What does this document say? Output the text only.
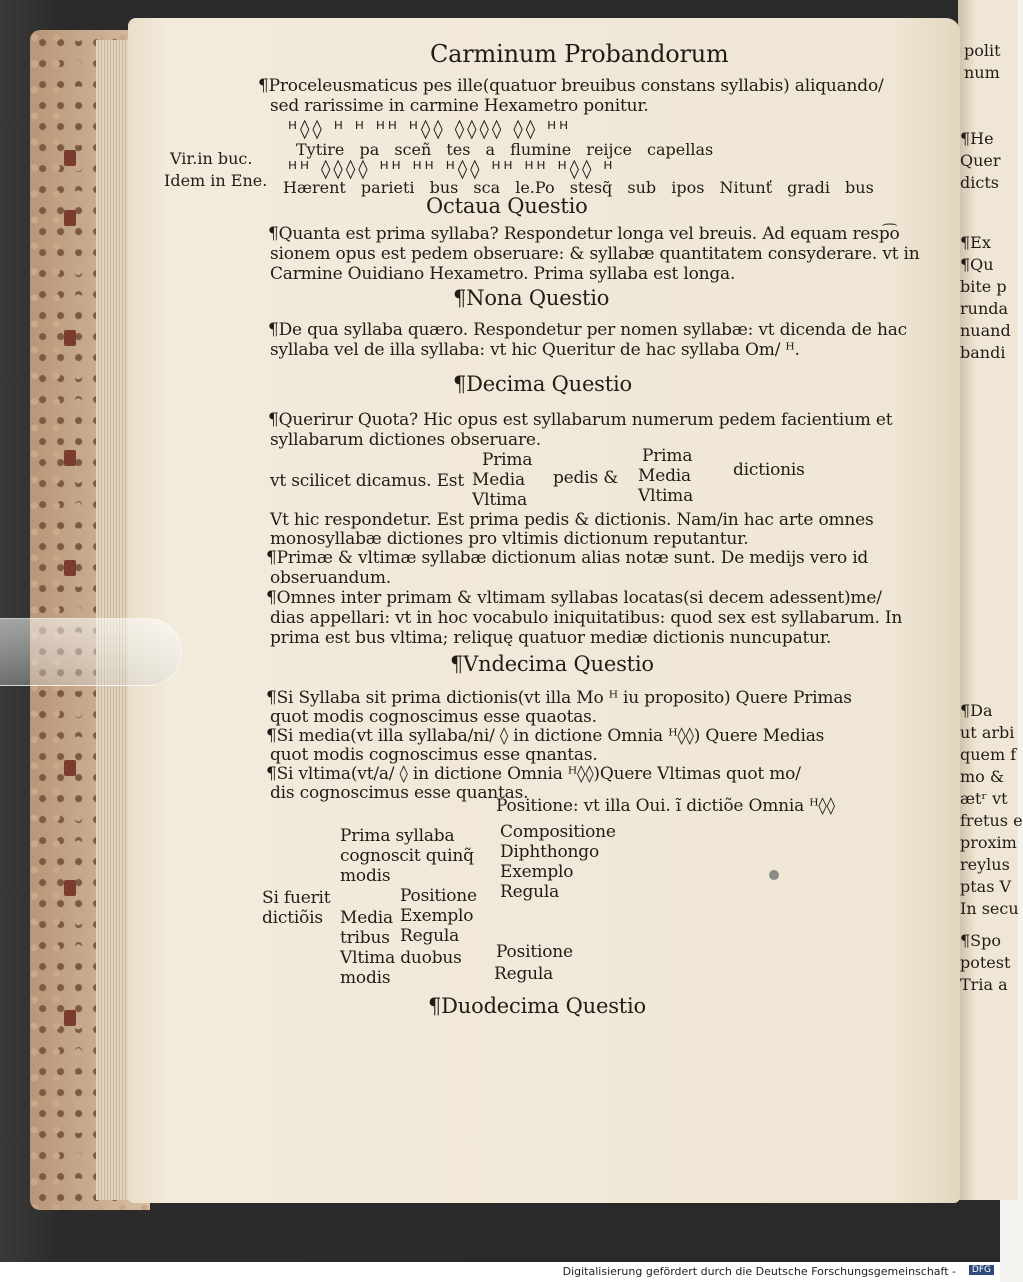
polit
num
¶He
Quer
dicts
¶Ex
¶Qu
bite p
runda
nuand
bandi
¶Da
ut arbi
quem f
mo &
ætʳ vt
fretus e
proxim
reylus
ptas V
In secu
¶Spo
potest
Tria a
Carminum Probandorum
¶Proceleusmaticus pes ille(quatuor breuibus constans syllabis) aliquando/
sed rarissime in carmine Hexametro ponitur.
ᴴ◊◊ ᴴ ᴴ ᴴᴴ ᴴ◊◊ ◊◊◊◊ ◊◊ ᴴᴴ
Tytire pa sceñ tes a flumine reijce capellas
ᴴᴴ ◊◊◊◊ ᴴᴴ ᴴᴴ ᴴ◊◊ ᴴᴴ ᴴᴴ ᴴ◊◊ ᴴ
Hærent parieti bus sca le.Po stesq̃ sub ipos Nitunť gradi bus
Octaua Questio
¶Quanta est prima syllaba? Respondetur longa vel breuis. Ad equam resp͡o
sionem opus est pedem obseruare: & syllabæ quantitatem consyderare. vt in
Carmine Ouidiano Hexametro. Prima syllaba est longa.
¶Nona Questio
¶De qua syllaba quæro. Respondetur per nomen syllabæ: vt dicenda de hac
syllaba vel de illa syllaba: vt hic Queritur de hac syllaba Om/ ᴴ.
¶Decima Questio
¶Querirur Quota? Hic opus est syllabarum numerum pedem facientium et
syllabarum dictiones obseruare.
vt scilicet dicamus. Est
Prima
Media
Vltima
pedis &
Prima
Media
Vltima
dictionis
Vt hic respondetur. Est prima pedis & dictionis. Nam/in hac arte omnes
monosyllabæ dictiones pro vltimis dictionum reputantur.
¶Primæ & vltimæ syllabæ dictionum alias notæ sunt. De medijs vero id
obseruandum.
¶Omnes inter primam & vltimam syllabas locatas(si decem adessent)me/
dias appellari: vt in hoc vocabulo iniquitatibus: quod sex est syllabarum. In
prima est bus vltima; reliquę quatuor mediæ dictionis nuncupatur.
¶Vndecima Questio
¶Si Syllaba sit prima dictionis(vt illa Mo ᴴ iu proposito) Quere Primas
quot modis cognoscimus esse quaotas.
¶Si media(vt illa syllaba/ni/ ◊ in dictione Omnia ᴴ◊◊) Quere Medias
quot modis cognoscimus esse qnantas.
¶Si vltima(vt/a/ ◊ in dictione Omnia ᴴ◊◊)Quere Vltimas quot mo/
dis cognoscimus esse quantas.
Positione: vt illa Oui. ĩ dictiõe Omnia ᴴ◊◊
Prima syllaba
cognoscit quinq̃
modis
Compositione
Diphthongo
Exemplo
Regula
Si fuerit
dictiõis Media
tribus
Positione
Exemplo
Regula
Vltima duobus
modis
Positione
Regula
¶Duodecima Questio
Vir.in buc.
Idem in Ene.
Digitalisierung gefördert durch die Deutsche Forschungsgemeinschaft -	DFG
